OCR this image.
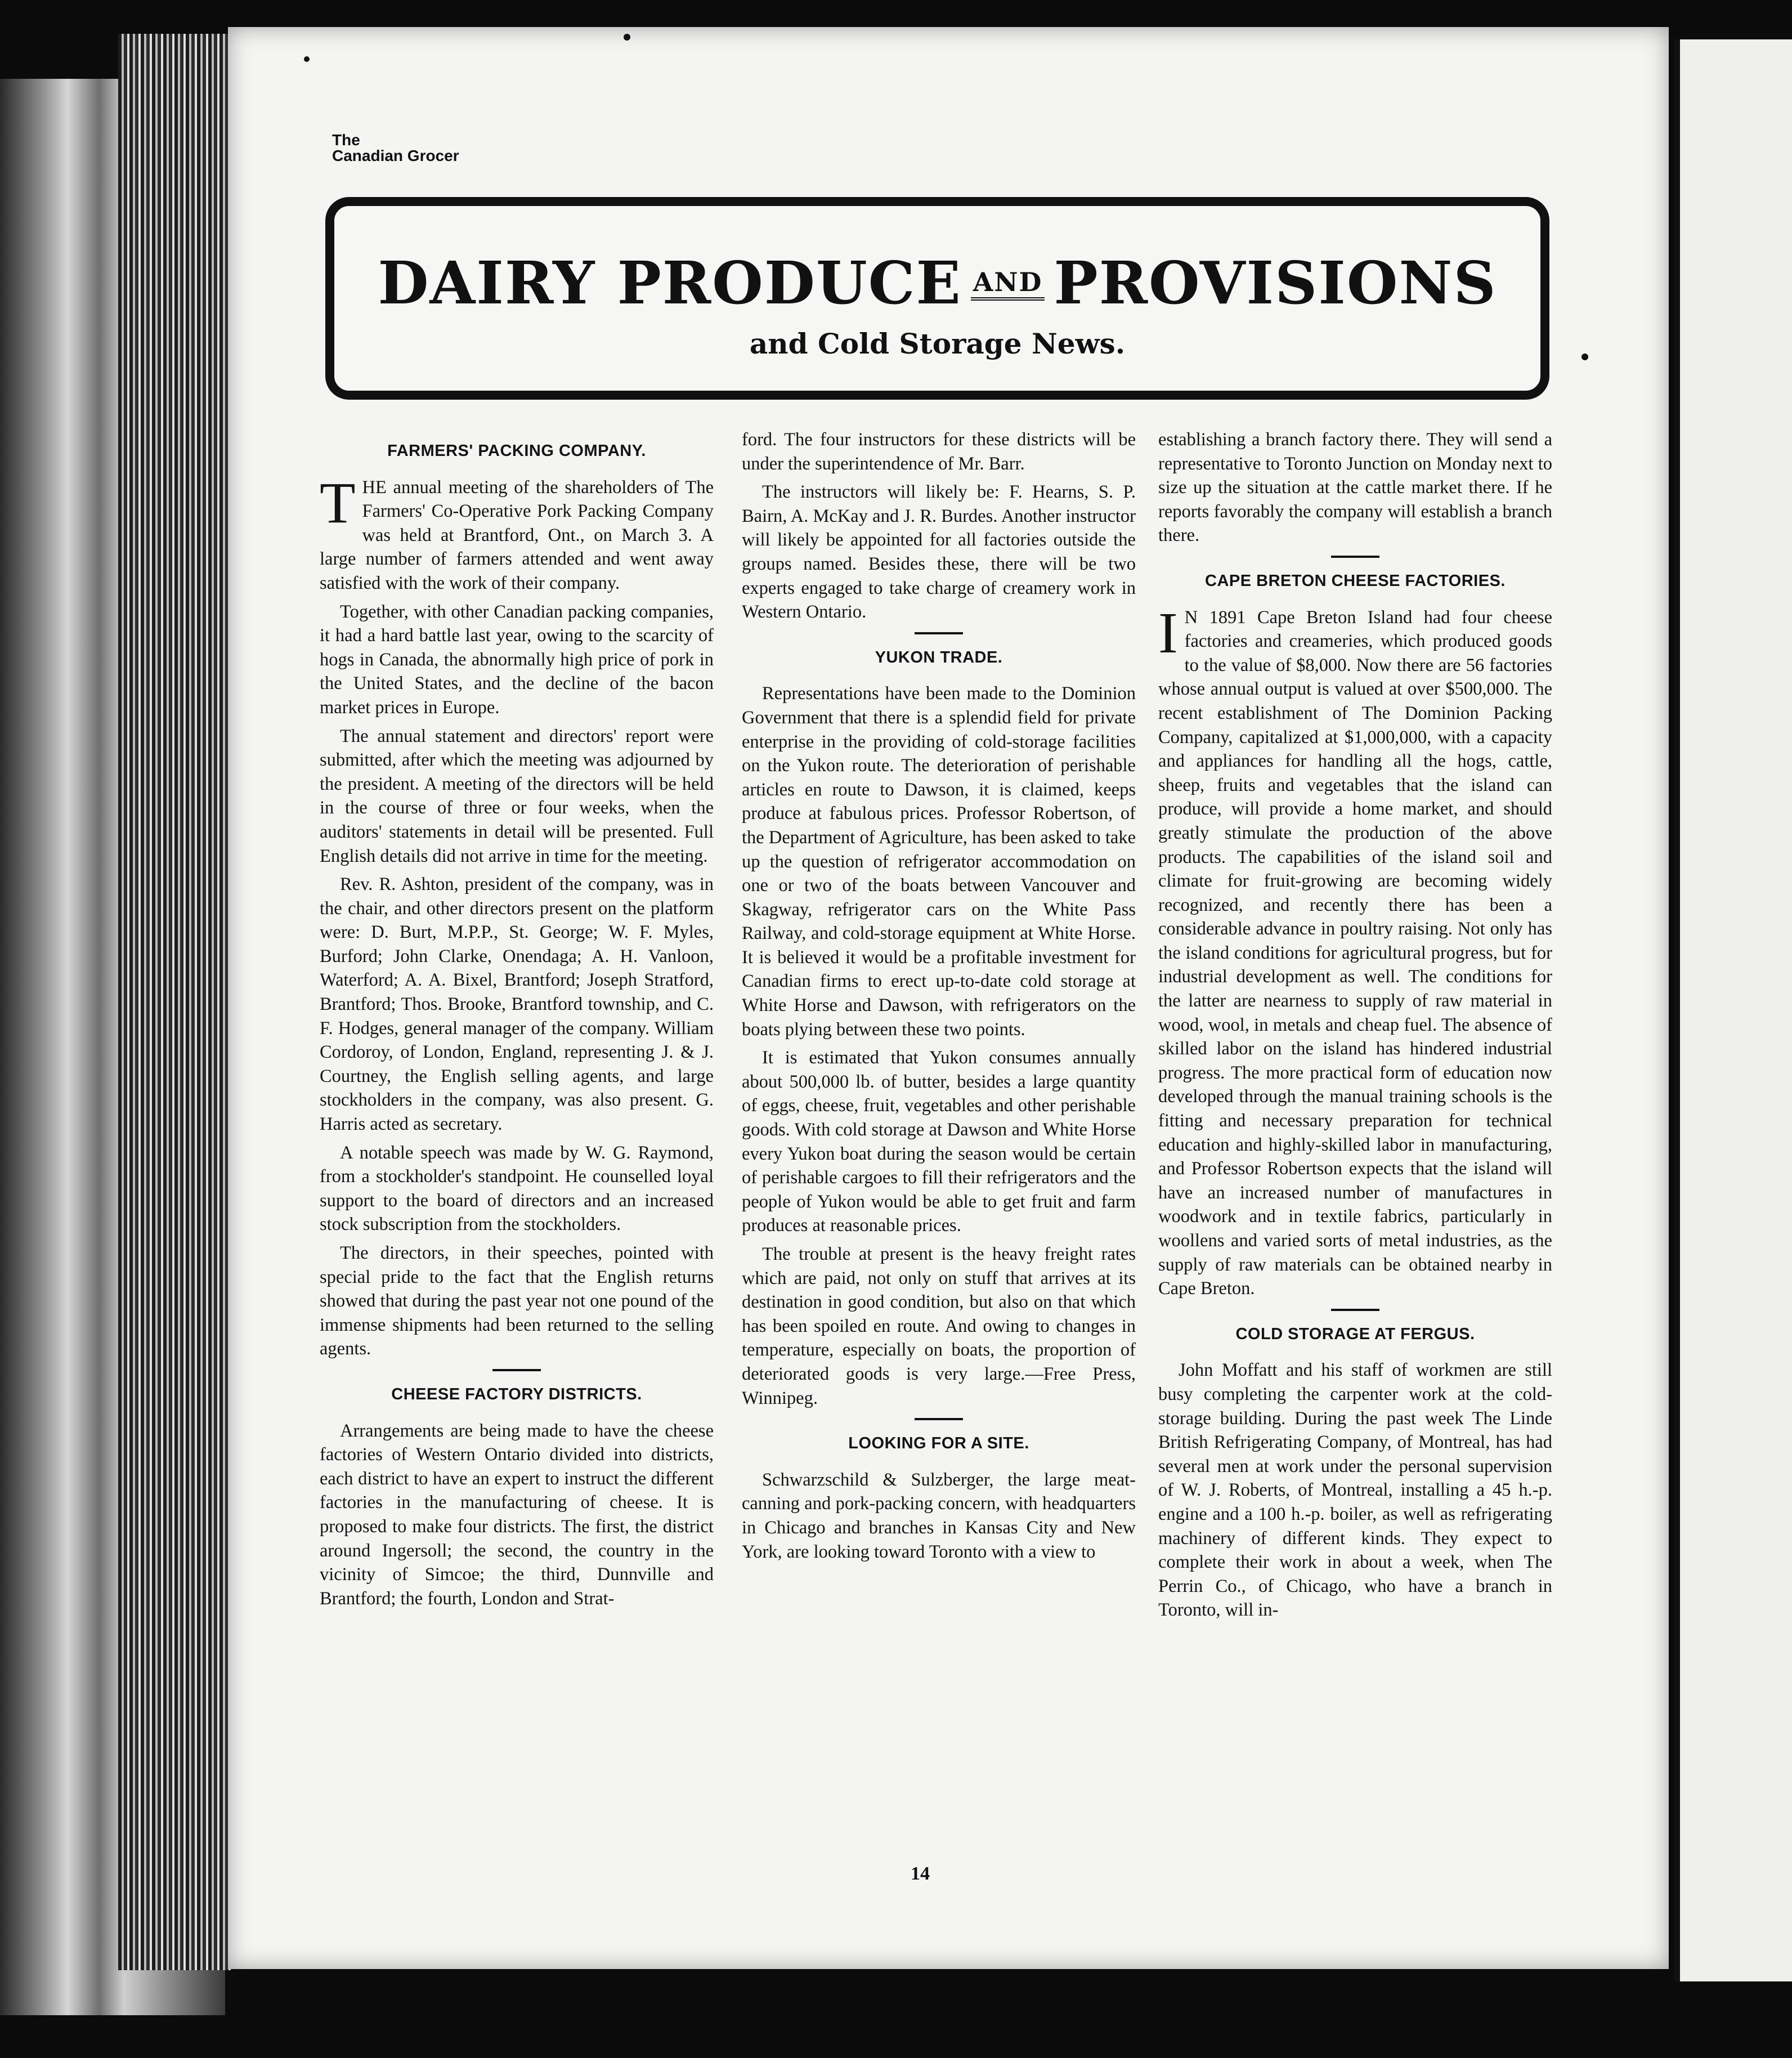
The
Canadian Grocer
DAIRY PRODUCE AND PROVISIONS
and Cold Storage News.
FARMERS' PACKING COMPANY.

THE annual meeting of the shareholders of The Farmers' Co-Operative Pork Packing Company was held at Brantford, Ont., on March 3. A large number of farmers attended and went away satisfied with the work of their company.

Together, with other Canadian packing companies, it had a hard battle last year, owing to the scarcity of hogs in Canada, the abnormally high price of pork in the United States, and the decline of the bacon market prices in Europe.

The annual statement and directors' report were submitted, after which the meeting was adjourned by the president. A meeting of the directors will be held in the course of three or four weeks, when the auditors' statements in detail will be presented. Full English details did not arrive in time for the meeting.

Rev. R. Ashton, president of the company, was in the chair, and other directors present on the platform were: D. Burt, M.P.P., St. George; W. F. Myles, Burford; John Clarke, Onendaga; A. H. Vanloon, Waterford; A. A. Bixel, Brantford; Joseph Stratford, Brantford; Thos. Brooke, Brantford township, and C. F. Hodges, general manager of the company. William Cordoroy, of London, England, representing J. & J. Courtney, the English selling agents, and large stockholders in the company, was also present. G. Harris acted as secretary.

A notable speech was made by W. G. Raymond, from a stockholder's standpoint. He counselled loyal support to the board of directors and an increased stock subscription from the stockholders.

The directors, in their speeches, pointed with special pride to the fact that the English returns showed that during the past year not one pound of the immense shipments had been returned to the selling agents.

CHEESE FACTORY DISTRICTS.

Arrangements are being made to have the cheese factories of Western Ontario divided into districts, each district to have an expert to instruct the different factories in the manufacturing of cheese. It is proposed to make four districts. The first, the district around Ingersoll; the second, the country in the vicinity of Simcoe; the third, Dunnville and Brantford; the fourth, London and Strat-

ford. The four instructors for these districts will be under the superintendence of Mr. Barr.

The instructors will likely be: F. Hearns, S. P. Bairn, A. McKay and J. R. Burdes. Another instructor will likely be appointed for all factories outside the groups named. Besides these, there will be two experts engaged to take charge of creamery work in Western Ontario.

YUKON TRADE.

Representations have been made to the Dominion Government that there is a splendid field for private enterprise in the providing of cold-storage facilities on the Yukon route. The deterioration of perishable articles en route to Dawson, it is claimed, keeps produce at fabulous prices. Professor Robertson, of the Department of Agriculture, has been asked to take up the question of refrigerator accommodation on one or two of the boats between Vancouver and Skagway, refrigerator cars on the White Pass Railway, and cold-storage equipment at White Horse. It is believed it would be a profitable investment for Canadian firms to erect up-to-date cold storage at White Horse and Dawson, with refrigerators on the boats plying between these two points.

It is estimated that Yukon consumes annually about 500,000 lb. of butter, besides a large quantity of eggs, cheese, fruit, vegetables and other perishable goods. With cold storage at Dawson and White Horse every Yukon boat during the season would be certain of perishable cargoes to fill their refrigerators and the people of Yukon would be able to get fruit and farm produces at reasonable prices.

The trouble at present is the heavy freight rates which are paid, not only on stuff that arrives at its destination in good condition, but also on that which has been spoiled en route. And owing to changes in temperature, especially on boats, the proportion of deteriorated goods is very large.—Free Press, Winnipeg.

LOOKING FOR A SITE.

Schwarzschild & Sulzberger, the large meat-canning and pork-packing concern, with headquarters in Chicago and branches in Kansas City and New York, are looking toward Toronto with a view to

establishing a branch factory there. They will send a representative to Toronto Junction on Monday next to size up the situation at the cattle market there. If he reports favorably the company will establish a branch there.

CAPE BRETON CHEESE FACTORIES.

I N 1891 Cape Breton Island had four cheese factories and creameries, which produced goods to the value of $8,000. Now there are 56 factories whose annual output is valued at over $500,000. The recent establishment of The Dominion Packing Company, capitalized at $1,000,000, with a capacity and appliances for handling all the hogs, cattle, sheep, fruits and vegetables that the island can produce, will provide a home market, and should greatly stimulate the production of the above products. The capabilities of the island soil and climate for fruit-growing are becoming widely recognized, and recently there has been a considerable advance in poultry raising. Not only has the island conditions for agricultural progress, but for industrial development as well. The conditions for the latter are nearness to supply of raw material in wood, wool, in metals and cheap fuel. The absence of skilled labor on the island has hindered industrial progress. The more practical form of education now developed through the manual training schools is the fitting and necessary preparation for technical education and highly-skilled labor in manufacturing, and Professor Robertson expects that the island will have an increased number of manufactures in woodwork and in textile fabrics, particularly in woollens and varied sorts of metal industries, as the supply of raw materials can be obtained nearby in Cape Breton.

COLD STORAGE AT FERGUS.

John Moffatt and his staff of workmen are still busy completing the carpenter work at the cold-storage building. During the past week The Linde British Refrigerating Company, of Montreal, has had several men at work under the personal supervision of W. J. Roberts, of Montreal, installing a 45 h.-p. engine and a 100 h.-p. boiler, as well as refrigerating machinery of different kinds. They expect to complete their work in about a week, when The Perrin Co., of Chicago, who have a branch in Toronto, will in-

14
